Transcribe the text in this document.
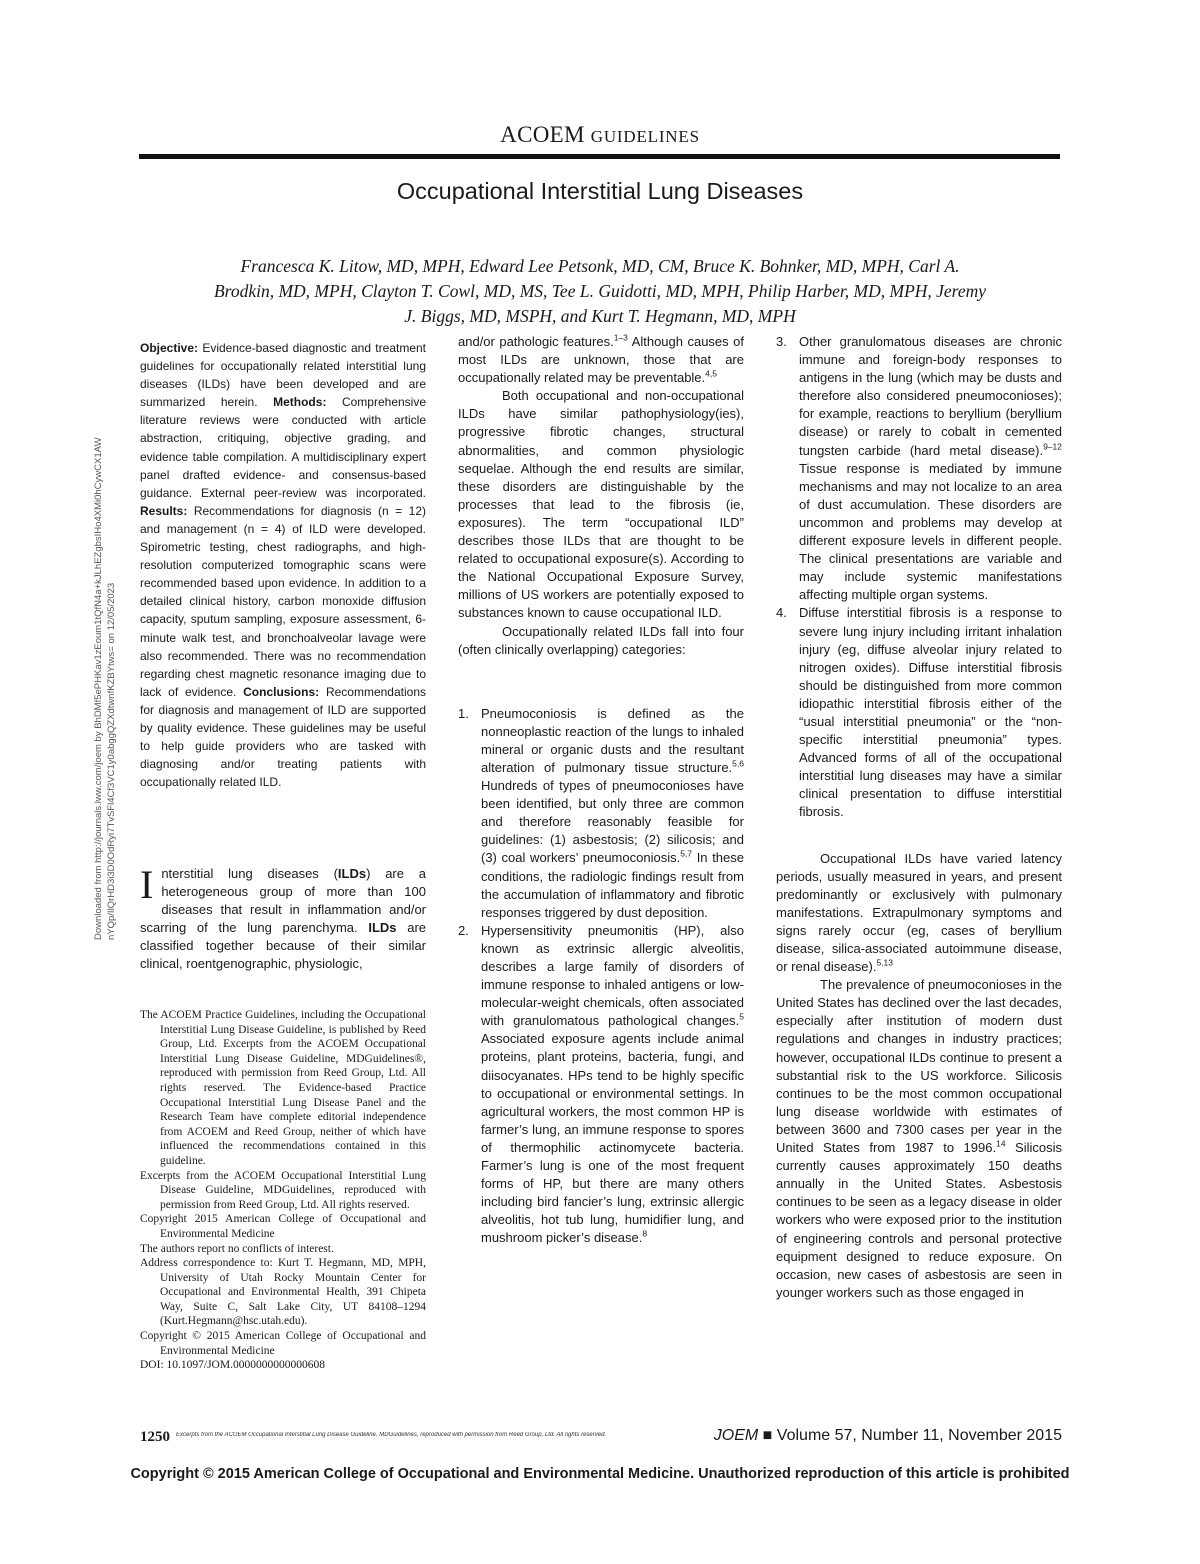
ACOEM GUIDELINES
Occupational Interstitial Lung Diseases
Francesca K. Litow, MD, MPH, Edward Lee Petsonk, MD, CM, Bruce K. Bohnker, MD, MPH, Carl A.
Brodkin, MD, MPH, Clayton T. Cowl, MD, MS, Tee L. Guidotti, MD, MPH, Philip Harber, MD, MPH, Jeremy
J. Biggs, MD, MSPH, and Kurt T. Hegmann, MD, MPH
Downloaded from http://journals.lww.com/joem by BhDMf5ePHKav1zEoum1tQfN4a+kJLhEZgbsIHo4XMi0hCywCX1AW nYQp/IlQrHD3i3D0OdRyi7TvSFl4Cf3VC1y0abggQZXdtwnfKZBYtws= on 12/05/2023

Objective: Evidence-based diagnostic and treatment guidelines for occupationally related interstitial lung diseases (ILDs) have been developed and are summarized herein. Methods: Comprehensive literature reviews were conducted with article abstraction, critiquing, objective grading, and evidence table compilation. A multidisciplinary expert panel drafted evidence- and consensus-based guidance. External peer-review was incorporated. Results: Recommendations for diagnosis (n = 12) and management (n = 4) of ILD were developed. Spirometric testing, chest radiographs, and high-resolution computerized tomographic scans were recommended based upon evidence. In addition to a detailed clinical history, carbon monoxide diffusion capacity, sputum sampling, exposure assessment, 6-minute walk test, and bronchoalveolar lavage were also recommended. There was no recommendation regarding chest magnetic resonance imaging due to lack of evidence. Conclusions: Recommendations for diagnosis and management of ILD are supported by quality evidence. These guidelines may be useful to help guide providers who are tasked with diagnosing and/or treating patients with occupationally related ILD.

Interstitial lung diseases (ILDs) are a heterogeneous group of more than 100 diseases that result in inflammation and/or scarring of the lung parenchyma. ILDs are classified together because of their similar clinical, roentgenographic, physiologic,

The ACOEM Practice Guidelines, including the Occupational Interstitial Lung Disease Guideline, is published by Reed Group, Ltd. Excerpts from the ACOEM Occupational Interstitial Lung Disease Guideline, MDGuidelines®, reproduced with permission from Reed Group, Ltd. All rights reserved. The Evidence-based Practice Occupational Interstitial Lung Disease Panel and the Research Team have complete editorial independence from ACOEM and Reed Group, neither of which have influenced the recommendations contained in this guideline.

Excerpts from the ACOEM Occupational Interstitial Lung Disease Guideline, MDGuidelines, reproduced with permission from Reed Group, Ltd. All rights reserved.

Copyright 2015 American College of Occupational and Environmental Medicine

The authors report no conflicts of interest.

Address correspondence to: Kurt T. Hegmann, MD, MPH, University of Utah Rocky Mountain Center for Occupational and Environmental Health, 391 Chipeta Way, Suite C, Salt Lake City, UT 84108–1294 (Kurt.Hegmann@hsc.utah.edu).

Copyright © 2015 American College of Occupational and Environmental Medicine

DOI: 10.1097/JOM.0000000000000608

and/or pathologic features.$^{1-3}$ Although causes of most ILDs are unknown, those that are occupationally related may be preventable.$^{4,5}$

Both occupational and non-occupational ILDs have similar pathophysiology(ies), progressive fibrotic changes, structural abnormalities, and common physiologic sequelae. Although the end results are similar, these disorders are distinguishable by the processes that lead to the fibrosis (ie, exposures). The term “occupational ILD” describes those ILDs that are thought to be related to occupational exposure(s). According to the National Occupational Exposure Survey, millions of US workers are potentially exposed to substances known to cause occupational ILD.

Occupationally related ILDs fall into four (often clinically overlapping) categories:

1. Pneumoconiosis is defined as the nonneoplastic reaction of the lungs to inhaled mineral or organic dusts and the resultant alteration of pulmonary tissue structure.$^{5,6}$ Hundreds of types of pneumoconioses have been identified, but only three are common and therefore reasonably feasible for guidelines: (1) asbestosis; (2) silicosis; and (3) coal workers’ pneumoconiosis.$^{5,7}$ In these conditions, the radiologic findings result from the accumulation of inflammatory and fibrotic responses triggered by dust deposition.
2. Hypersensitivity pneumonitis (HP), also known as extrinsic allergic alveolitis, describes a large family of disorders of immune response to inhaled antigens or low-molecular-weight chemicals, often associated with granulomatous pathological changes.$^5$ Associated exposure agents include animal proteins, plant proteins, bacteria, fungi, and diisocyanates. HPs tend to be highly specific to occupational or environmental settings. In agricultural workers, the most common HP is farmer’s lung, an immune response to spores of thermophilic actinomycete bacteria. Farmer’s lung is one of the most frequent forms of HP, but there are many others including bird fancier’s lung, extrinsic allergic alveolitis, hot tub lung, humidifier lung, and mushroom picker’s disease.$^8$
3. Other granulomatous diseases are chronic immune and foreign-body responses to antigens in the lung (which may be dusts and therefore also considered pneumoconioses); for example, reactions to beryllium (beryllium disease) or rarely to cobalt in cemented tungsten carbide (hard metal disease).$^{9-12}$ Tissue response is mediated by immune mechanisms and may not localize to an area of dust accumulation. These disorders are uncommon and problems may develop at different exposure levels in different people. The clinical presentations are variable and may include systemic manifestations affecting multiple organ systems.
4. Diffuse interstitial fibrosis is a response to severe lung injury including irritant inhalation injury (eg, diffuse alveolar injury related to nitrogen oxides). Diffuse interstitial fibrosis should be distinguished from more common idiopathic interstitial fibrosis either of the “usual interstitial pneumonia” or the “non-specific interstitial pneumonia” types. Advanced forms of all of the occupational interstitial lung diseases may have a similar clinical presentation to diffuse interstitial fibrosis.

Occupational ILDs have varied latency periods, usually measured in years, and present predominantly or exclusively with pulmonary manifestations. Extrapulmonary symptoms and signs rarely occur (eg, cases of beryllium disease, silica-associated autoimmune disease, or renal disease).$^{5,13}$

The prevalence of pneumoconioses in the United States has declined over the last decades, especially after institution of modern dust regulations and changes in industry practices; however, occupational ILDs continue to present a substantial risk to the US workforce. Silicosis continues to be the most common occupational lung disease worldwide with estimates of between 3600 and 7300 cases per year in the United States from 1987 to 1996.14 Silicosis currently causes approximately 150 deaths annually in the United States. Asbestosis continues to be seen as a legacy disease in older workers who were exposed prior to the institution of engineering controls and personal protective equipment designed to reduce exposure. On occasion, new cases of asbestosis are seen in younger workers such as those engaged in

1250 Excerpts from the ACOEM Occupational Interstitial Lung Disease Guideline, MDGuidelines, reproduced with permission from Reed Group, Ltd. All rights reserved.	JOEM ■ Volume 57, Number 11, November 2015
Copyright © 2015 American College of Occupational and Environmental Medicine. Unauthorized reproduction of this article is prohibited
